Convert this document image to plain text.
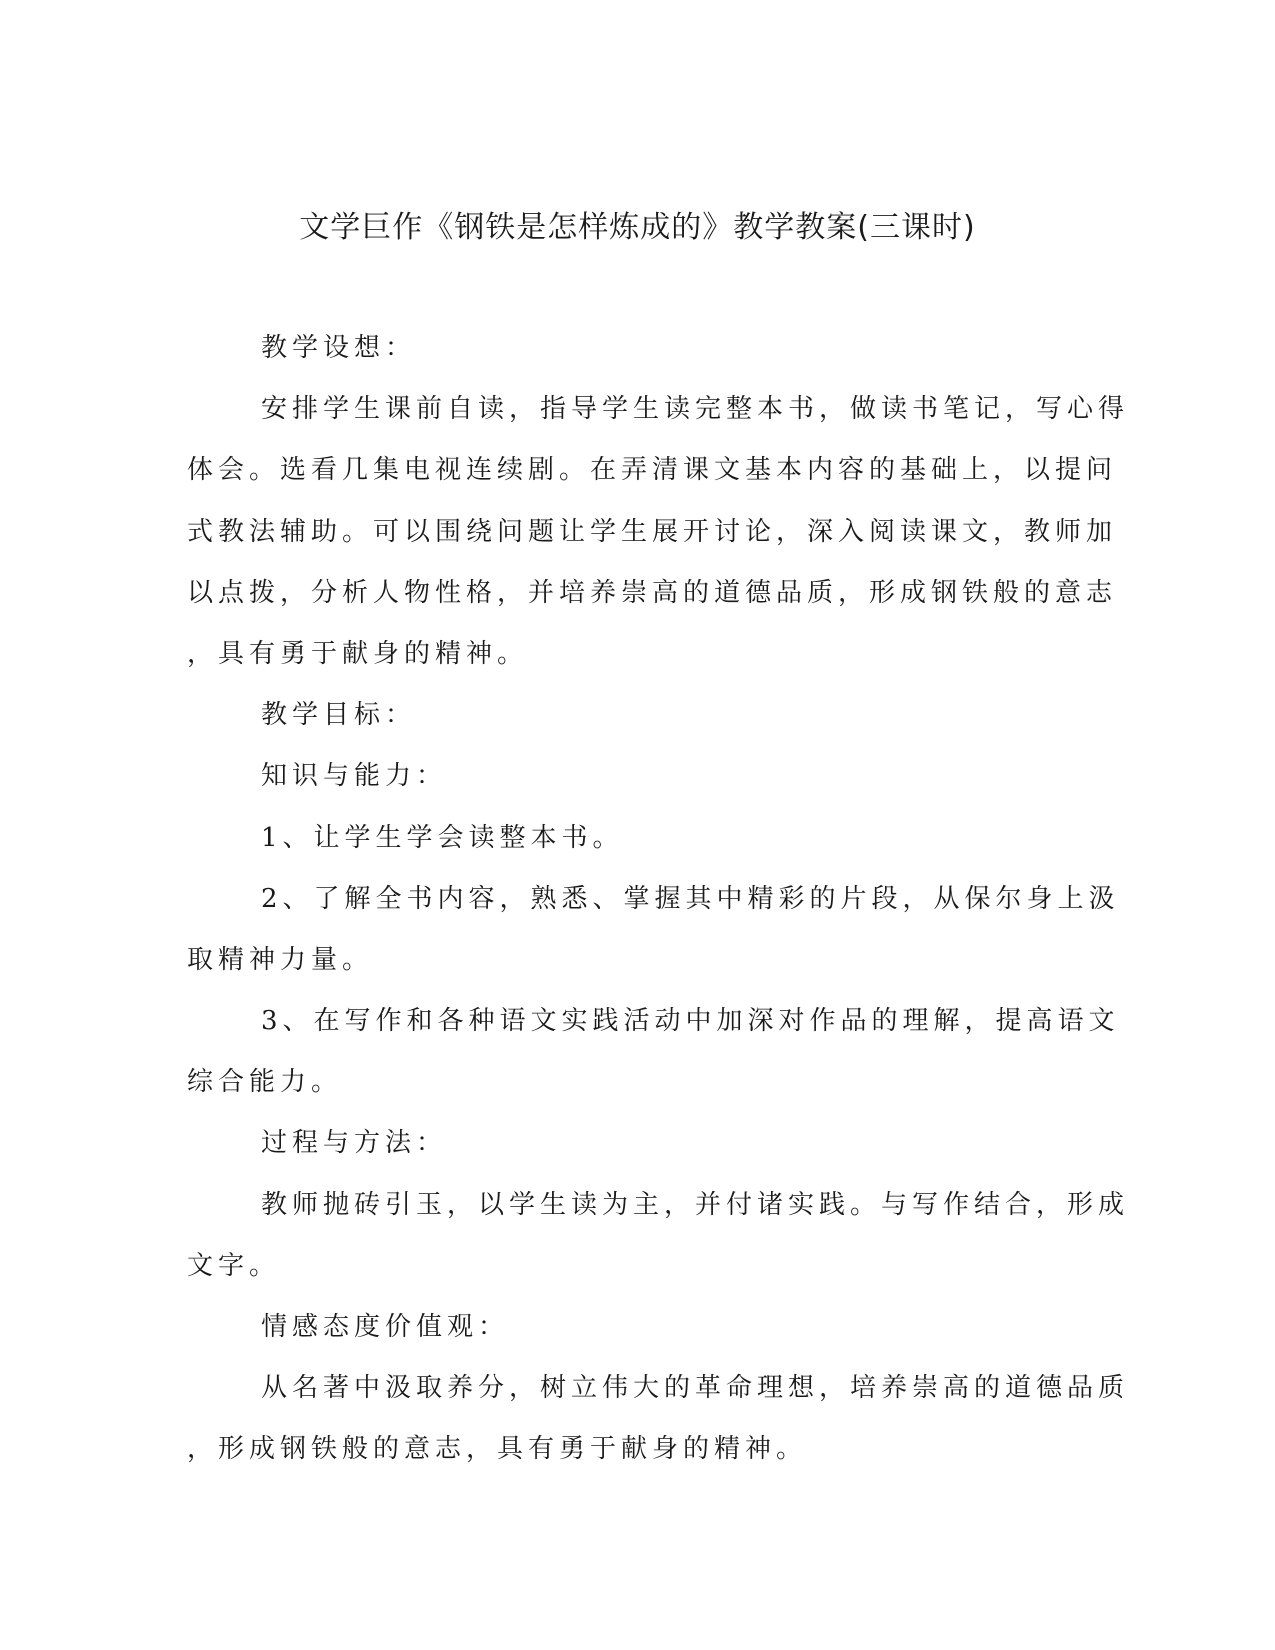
文学巨作《钢铁是怎样炼成的》教学教案(三课时)
教学设想：
安排学生课前自读，指导学生读完整本书，做读书笔记，写心得
体会。选看几集电视连续剧。在弄清课文基本内容的基础上，以提问
式教法辅助。可以围绕问题让学生展开讨论，深入阅读课文，教师加
以点拨，分析人物性格，并培养崇高的道德品质，形成钢铁般的意志
，具有勇于献身的精神。
教学目标：
知识与能力：
1、让学生学会读整本书。
2、了解全书内容，熟悉、掌握其中精彩的片段，从保尔身上汲
取精神力量。
3、在写作和各种语文实践活动中加深对作品的理解，提高语文
综合能力。
过程与方法：
教师抛砖引玉，以学生读为主，并付诸实践。与写作结合，形成
文字。
情感态度价值观：
从名著中汲取养分，树立伟大的革命理想，培养崇高的道德品质
，形成钢铁般的意志，具有勇于献身的精神。
